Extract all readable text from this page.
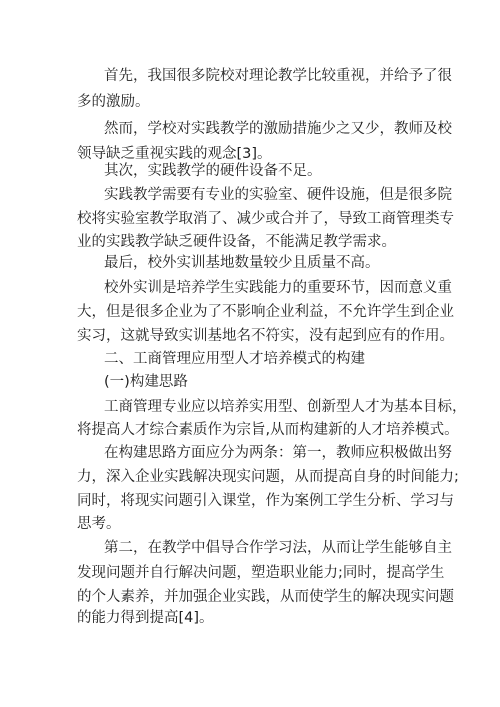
首先，我国很多院校对理论教学比较重视，并给予了很
多的激励。
然而，学校对实践教学的激励措施少之又少，教师及校
领导缺乏重视实践的观念[3]。
其次，实践教学的硬件设备不足。
实践教学需要有专业的实验室、硬件设施，但是很多院
校将实验室教学取消了、减少或合并了，导致工商管理类专
业的实践教学缺乏硬件设备，不能满足教学需求。
最后，校外实训基地数量较少且质量不高。
校外实训是培养学生实践能力的重要环节，因而意义重
大，但是很多企业为了不影响企业利益，不允许学生到企业
实习，这就导致实训基地名不符实，没有起到应有的作用。
二、工商管理应用型人才培养模式的构建
(一)构建思路
工商管理专业应以培养实用型、创新型人才为基本目标，
将提高人才综合素质作为宗旨,从而构建新的人才培养模式。
在构建思路方面应分为两条：第一，教师应积极做出努
力，深入企业实践解决现实问题，从而提高自身的时间能力;
同时，将现实问题引入课堂，作为案例工学生分析、学习与
思考。
第二，在教学中倡导合作学习法，从而让学生能够自主
发现问题并自行解决问题，塑造职业能力;同时，提高学生
的个人素养，并加强企业实践，从而使学生的解决现实问题
的能力得到提高[4]。
